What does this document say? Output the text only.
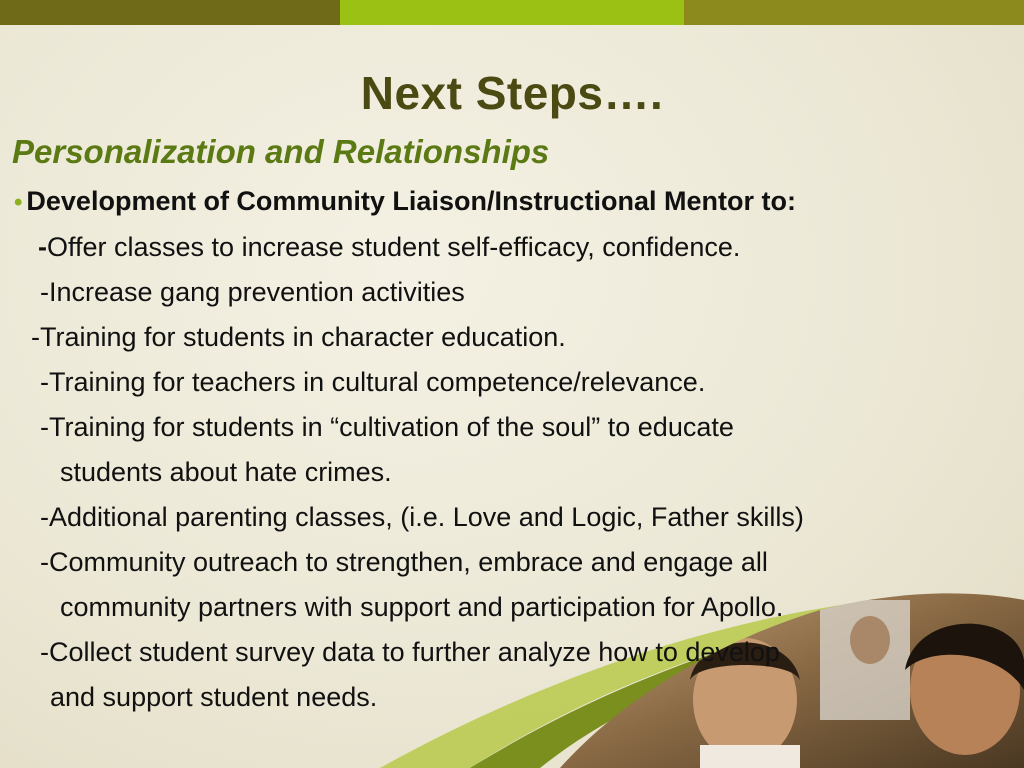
Next Steps….
Personalization and Relationships
• Development of Community Liaison/Instructional Mentor to:

-Offer classes to increase student self-efficacy, confidence.

-Increase gang prevention activities

-Training for students in character education.

-Training for teachers in cultural competence/relevance.

-Training for students in “cultivation of the soul” to educate

students about hate crimes.

-Additional parenting classes, (i.e. Love and Logic, Father skills)

-Community outreach to strengthen, embrace and engage all

community partners with support and participation for Apollo.

-Collect student survey data to further analyze how to develop

and support student needs.
